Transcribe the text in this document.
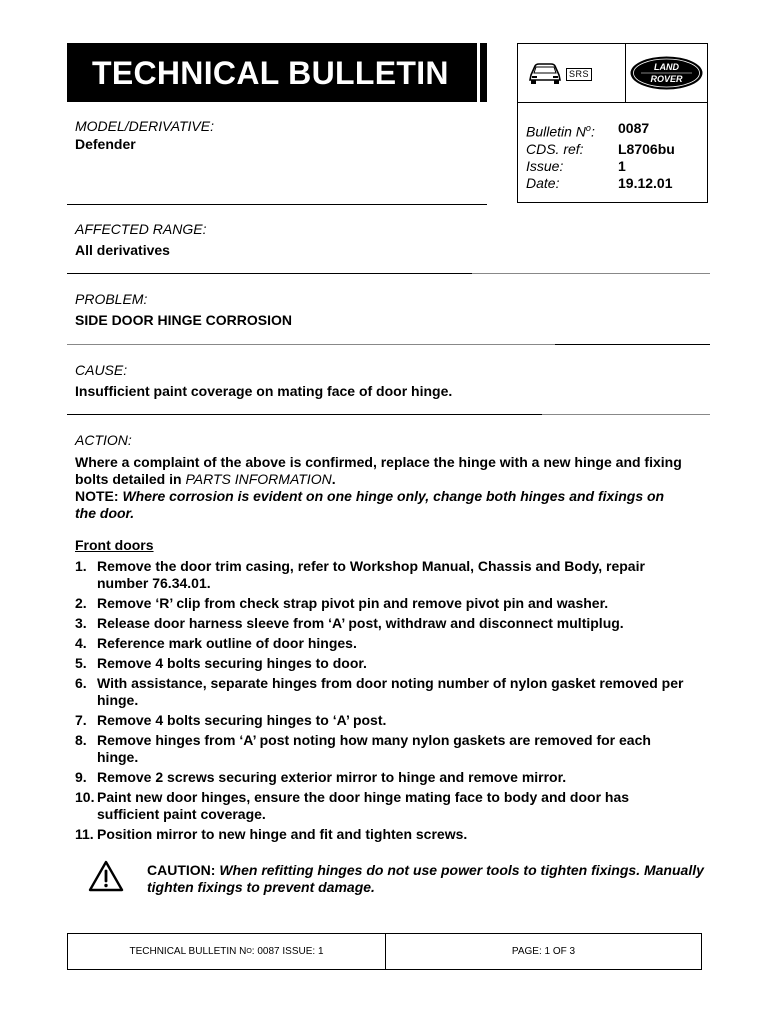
TECHNICAL BULLETIN	SRS
LAND
ROVER
Bulletin $N^o$:	0087
CDS. ref:	L8706bu
Issue:	1
Date:	19.12.01
MODEL/DERIVATIVE:
Defender
AFFECTED RANGE:
All derivatives
PROBLEM:
SIDE DOOR HINGE CORROSION
CAUSE:
Insufficient paint coverage on mating face of door hinge.
ACTION:
Where a complaint of the above is confirmed, replace the hinge with a new hinge and fixing bolts detailed in PARTS INFORMATION.
NOTE: Where corrosion is evident on one hinge only, change both hinges and fixings on the door.
Front doors
1. Remove the door trim casing, refer to Workshop Manual, Chassis and Body, repair number 76.34.01.
2. Remove ‘R’ clip from check strap pivot pin and remove pivot pin and washer.
3. Release door harness sleeve from ‘A’ post, withdraw and disconnect multiplug.
4. Reference mark outline of door hinges.
5. Remove 4 bolts securing hinges to door.
6. With assistance, separate hinges from door noting number of nylon gasket removed per hinge.
7. Remove 4 bolts securing hinges to ‘A’ post.
8. Remove hinges from ‘A’ post noting how many nylon gaskets are removed for each hinge.
9. Remove 2 screws securing exterior mirror to hinge and remove mirror.
10. Paint new door hinges, ensure the door hinge mating face to body and door has sufficient paint coverage.
11. Position mirror to new hinge and fit and tighten screws.
CAUTION: When refitting hinges do not use power tools to tighten fixings. Manually tighten fixings to prevent damage.
TECHNICAL BULLETIN N O : 0087 ISSUE: 1	PAGE: 1 OF 3
